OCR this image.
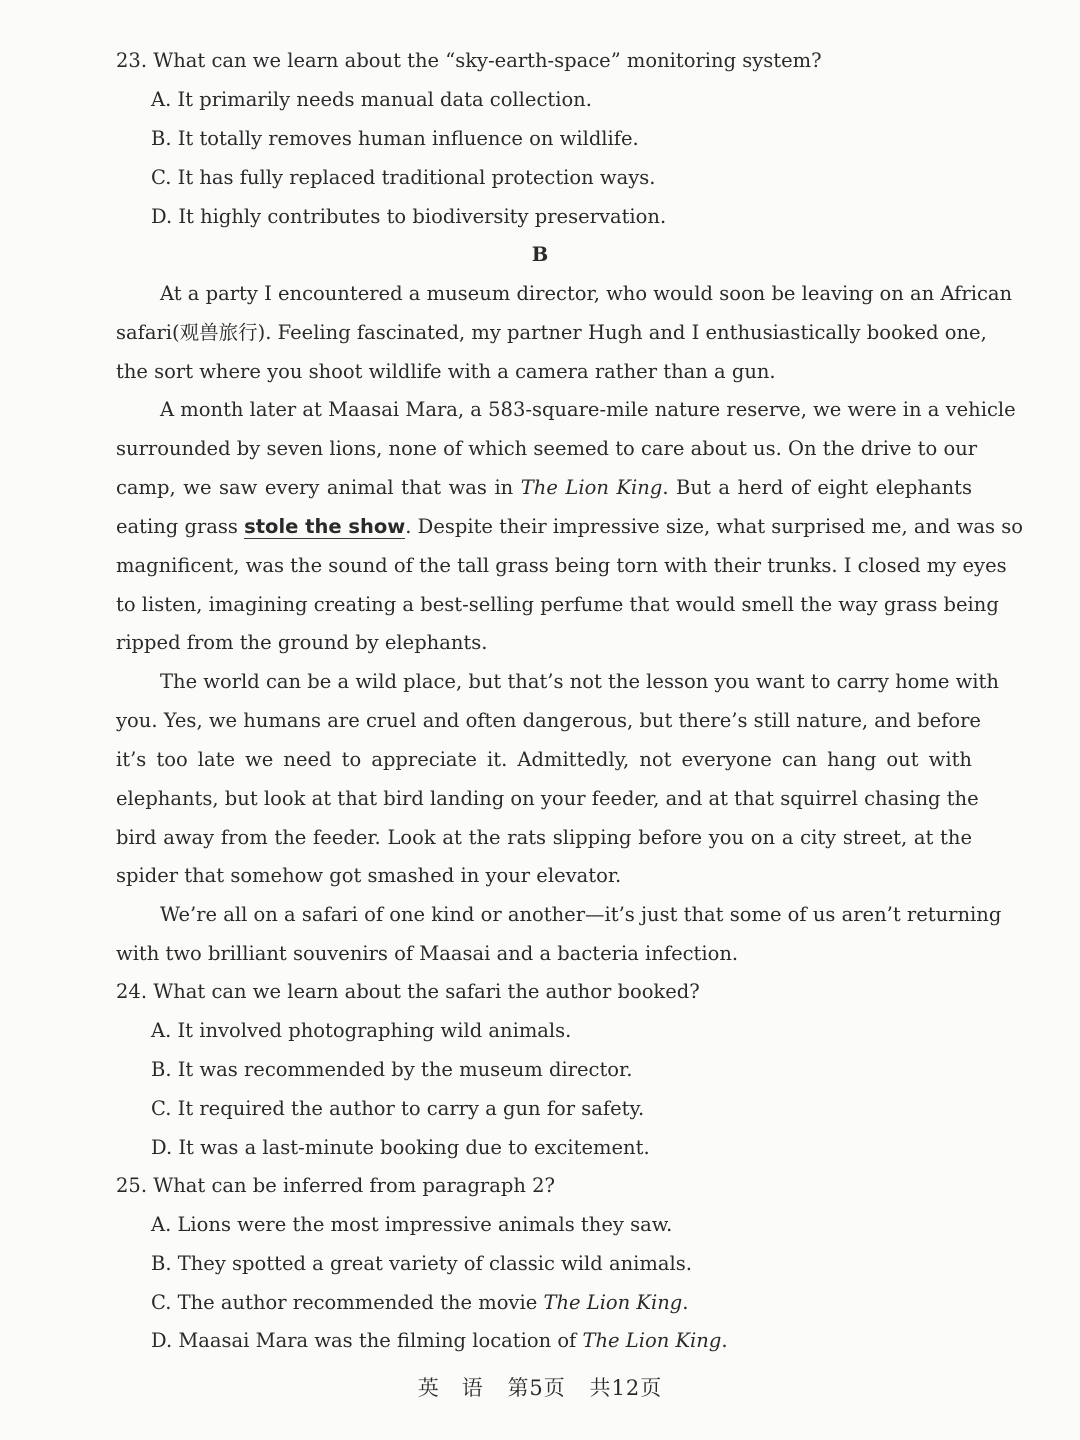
23. What can we learn about the “sky-earth-space” monitoring system?
A. It primarily needs manual data collection.
B. It totally removes human influence on wildlife.
C. It has fully replaced traditional protection ways.
D. It highly contributes to biodiversity preservation.
B
At a party I encountered a museum director, who would soon be leaving on an African
safari(观兽旅行). Feeling fascinated, my partner Hugh and I enthusiastically booked one,
the sort where you shoot wildlife with a camera rather than a gun.
A month later at Maasai Mara, a 583-square-mile nature reserve, we were in a vehicle
surrounded by seven lions, none of which seemed to care about us. On the drive to our
camp, we saw every animal that was in The Lion King. But a herd of eight elephants
eating grass stole the show. Despite their impressive size, what surprised me, and was so
magnificent, was the sound of the tall grass being torn with their trunks. I closed my eyes
to listen, imagining creating a best-selling perfume that would smell the way grass being
ripped from the ground by elephants.
The world can be a wild place, but that’s not the lesson you want to carry home with
you. Yes, we humans are cruel and often dangerous, but there’s still nature, and before
it’s too late we need to appreciate it. Admittedly, not everyone can hang out with
elephants, but look at that bird landing on your feeder, and at that squirrel chasing the
bird away from the feeder. Look at the rats slipping before you on a city street, at the
spider that somehow got smashed in your elevator.
We’re all on a safari of one kind or another—it’s just that some of us aren’t returning
with two brilliant souvenirs of Maasai and a bacteria infection.
24. What can we learn about the safari the author booked?
A. It involved photographing wild animals.
B. It was recommended by the museum director.
C. It required the author to carry a gun for safety.
D. It was a last-minute booking due to excitement.
25. What can be inferred from paragraph 2?
A. Lions were the most impressive animals they saw.
B. They spotted a great variety of classic wild animals.
C. The author recommended the movie The Lion King.
D. Maasai Mara was the filming location of The Lion King.
英　语 第5页 共12页
